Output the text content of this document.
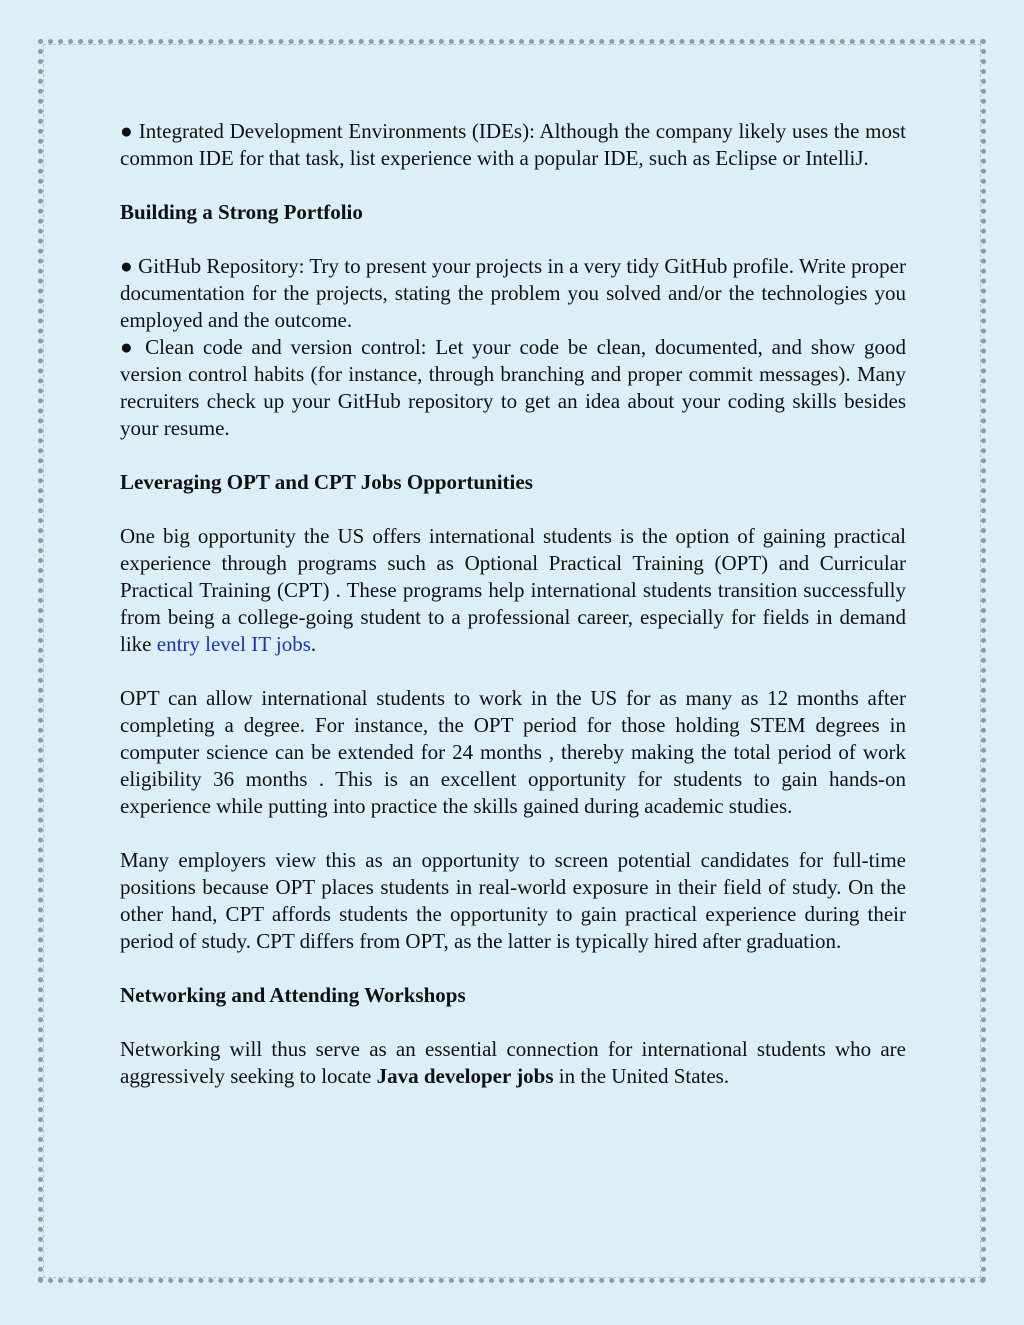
● Integrated Development Environments (IDEs): Although the company likely uses the most common IDE for that task, list experience with a popular IDE, such as Eclipse or IntelliJ.

Building a Strong Portfolio

● GitHub Repository: Try to present your projects in a very tidy GitHub profile. Write proper documentation for the projects, stating the problem you solved and/or the technologies you employed and the outcome.

● Clean code and version control: Let your code be clean, documented, and show good version control habits (for instance, through branching and proper commit messages). Many recruiters check up your GitHub repository to get an idea about your coding skills besides your resume.

Leveraging OPT and CPT Jobs Opportunities

One big opportunity the US offers international students is the option of gaining practical experience through programs such as Optional Practical Training (OPT) and Curricular Practical Training (CPT) . These programs help international students transition successfully from being a college-going student to a professional career, especially for fields in demand like entry level IT jobs.

OPT can allow international students to work in the US for as many as 12 months after completing a degree. For instance, the OPT period for those holding STEM degrees in computer science can be extended for 24 months , thereby making the total period of work eligibility 36 months . This is an excellent opportunity for students to gain hands-on experience while putting into practice the skills gained during academic studies.

Many employers view this as an opportunity to screen potential candidates for full-time positions because OPT places students in real-world exposure in their field of study. On the other hand, CPT affords students the opportunity to gain practical experience during their period of study. CPT differs from OPT, as the latter is typically hired after graduation.

Networking and Attending Workshops

Networking will thus serve as an essential connection for international students who are aggressively seeking to locate Java developer jobs in the United States.
